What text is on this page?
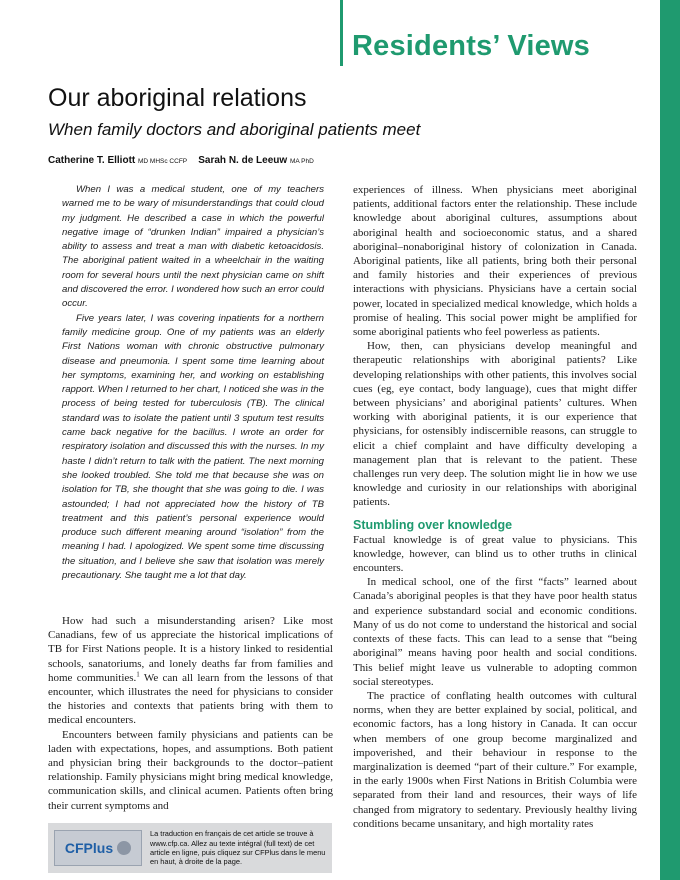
Residents’ Views
Our aboriginal relations
When family doctors and aboriginal patients meet
Catherine T. Elliott MD MHSc CCFP Sarah N. de Leeuw MA PhD

When I was a medical student, one of my teachers warned me to be wary of misunderstandings that could cloud my judgment. He described a case in which the powerful negative image of “drunken Indian” impaired a physician’s ability to assess and treat a man with diabetic ketoacidosis. The aboriginal patient waited in a wheelchair in the waiting room for several hours until the next physician came on shift and discovered the error. I wondered how such an error could occur.

Five years later, I was covering inpatients for a northern family medicine group. One of my patients was an elderly First Nations woman with chronic obstructive pulmonary disease and pneumonia. I spent some time learning about her symptoms, examining her, and working on establishing rapport. When I returned to her chart, I noticed she was in the process of being tested for tuberculosis (TB). The clinical standard was to isolate the patient until 3 sputum test results came back negative for the bacillus. I wrote an order for respiratory isolation and discussed this with the nurses. In my haste I didn’t return to talk with the patient. The next morning she looked troubled. She told me that because she was on isolation for TB, she thought that she was going to die. I was astounded; I had not appreciated how the history of TB treatment and this patient’s personal experience would produce such different meaning around “isolation” from the meaning I had. I apologized. We spent some time discussing the situation, and I believe she saw that isolation was merely precautionary. She taught me a lot that day.

How had such a misunderstanding arisen? Like most Canadians, few of us appreciate the historical implications of TB for First Nations people. It is a history linked to residential schools, sanatoriums, and lonely deaths far from families and home communities.$^1$ We can all learn from the lessons of that encounter, which illustrates the need for physicians to consider the histories and contexts that patients bring with them to medical encounters.

Encounters between family physicians and patients can be laden with expectations, hopes, and assumptions. Both patient and physician bring their backgrounds to the doctor–patient relationship. Family physicians might bring medical knowledge, communication skills, and clinical acumen. Patients often bring their current symptoms and

experiences of illness. When physicians meet aboriginal patients, additional factors enter the relationship. These include knowledge about aboriginal cultures, assumptions about aboriginal health and socioeconomic status, and a shared aboriginal–nonaboriginal history of colonization in Canada. Aboriginal patients, like all patients, bring both their personal and family histories and their experiences of previous interactions with physicians. Physicians have a certain social power, located in specialized medical knowledge, which holds a promise of healing. This social power might be amplified for some aboriginal patients who feel powerless as patients.

How, then, can physicians develop meaningful and therapeutic relationships with aboriginal patients? Like developing relationships with other patients, this involves social cues (eg, eye contact, body language), cues that might differ between physicians’ and aboriginal patients’ cultures. When working with aboriginal patients, it is our experience that physicians, for ostensibly indiscernible reasons, can struggle to elicit a chief complaint and have difficulty developing a management plan that is relevant to the patient. These challenges run very deep. The solution might lie in how we use knowledge and curiosity in our relationships with aboriginal patients.

Stumbling over knowledge

Factual knowledge is of great value to physicians. This knowledge, however, can blind us to other truths in clinical encounters.

In medical school, one of the first “facts” learned about Canada’s aboriginal peoples is that they have poor health status and experience substandard social and economic conditions. Many of us do not come to understand the historical and social contexts of these facts. This can lead to a sense that “being aboriginal” means having poor health and social conditions. This belief might leave us vulnerable to adopting common social stereotypes.

The practice of conflating health outcomes with cultural norms, when they are better explained by social, political, and economic factors, has a long history in Canada. It can occur when members of one group become marginalized and impoverished, and their behaviour in response to the marginalization is deemed “part of their culture.” For example, in the early 1900s when First Nations in British Columbia were separated from their land and resources, their ways of life changed from migratory to sedentary. Previously healthy living conditions became unsanitary, and high mortality rates

CFPlus
La traduction en français de cet article se trouve à www.cfp.ca. Allez au texte intégral (full text) de cet article en ligne, puis cliquez sur CFPlus dans le menu en haut, à droite de la page.
